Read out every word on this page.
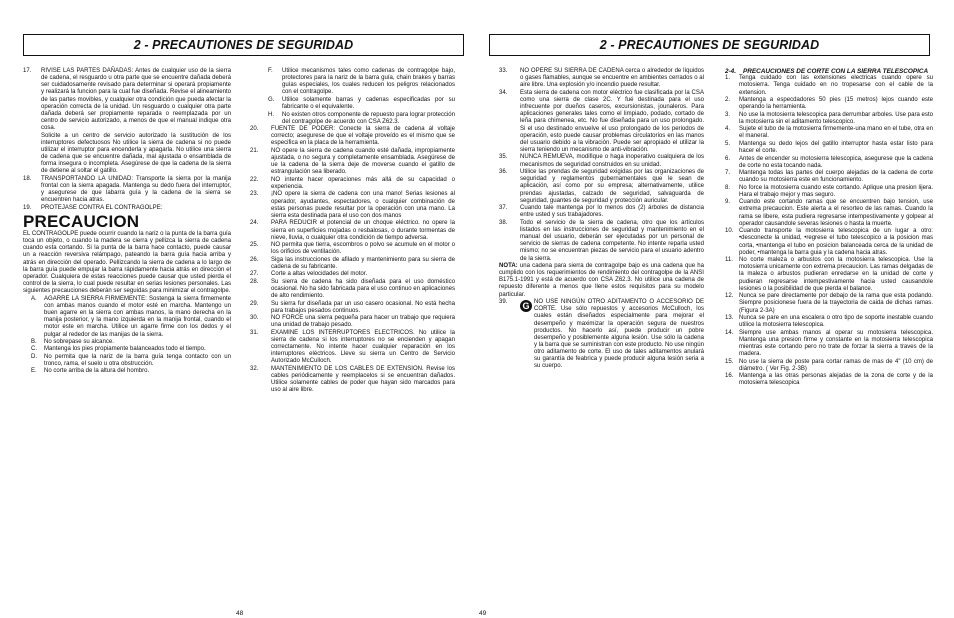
2 - PRECAUTIONES DE SEGURIDAD
17.	RIVISE LAS PARTES DAÑADAS: Antes de cualquier uso de la sierra de cadena, el resguardo u otra parte que se encuentre dañada deberá ser cuidadosamente revisado para determinar si operará propiamente y realizará la funcion para la cual fue diseñada. Revise el alineamiento de las partes movibles, y cualquier otra condición que pueda afectar la operación correcta de la unidad. Un resguardo o cualquier otra parte dañada deberá ser propiamente reparada o reemplazada por un centro de servicio autorizado, a menos de que el manual indique otra cosa.

Solicite a un centro de servicio autorizado la sustitución de los interruptores defectuosos No utilice la sierra de cadena si no puede utilizar el interruptor para encenderla y apagarla. No utilice una sierra de cadena que se encuentre dañada, mal ajustada o ensamblada de forma insegura o incompleta. Asegúrese de que la cadena de la sierra de detiene al soltar el gatillo.

18.	TRANSPORTANDO LA UNIDAD: Transporte la sierra por la manija frontal con la sierra apagada. Mantenga su dedo fuera del interruptor, y asegurese de que labarra guía y la cadena de la sierra se encuentren hacia atras.
19.	PROTEJASE CONTRA EL CONTRAGOLPE:
PRECAUCION

EL CONTRAGOLPE puede ocurrir cuando la nariz o la punta de la barra guía toca un objeto, o cuando la madera se cierra y pellizca la sierra de cadena cuando esta cortando. Si la punta de la barra hace contacto, puede causar un a reacción reversiva relámpago, pateando la barra guía hacia arriba y atrás en dirección del operado. Pellizcando la sierra de cadena a lo largo de la barra guía puede empujar la barra rápidamente hacia atrás en dirección el operador. Cualquiera de estas reacciones puede causar que usted pierda el control de la sierra, lo cual puede resultar en serias lesiones personales. Las siguientes precauciones deberán ser seguidas para minimizar el contragolpe.

A.	AGARRE LA SIERRA FIRMEMENTE: Sostenga la sierra firmemente con ambas manos cuando el motor esté en marcha. Mantengo un buen agarre en la sierra con ambas manos, la mano derecha en la manija posterior, y la mano izquierda en la manija frontal, cuando el motor este en marcha. Utilice un agarre firme con los dedos y el pulgar al rededor de las manijas de la sierra.
B.	No sobrepase su alcance.
C.	Mantenga los pies propiamente balanceados todo el tiempo.
D.	No permita que la nariz de la barra guía tenga contacto con un tronco, rama, el suelo u otra obstrucción.
E.	No corte arriba de la altura del hombro.
F.	Utilice mecanismos tales como cadenas de contragolpe bajo, protectores para la nariz de la barra guía, chain brakes y barras guías especiales, los cuales reducen los peligros relacionados con el contragolpe.
G.	Utilice solamente barras y cadenas especificadas por su fabricante o el equivalente.
H.	No existen otros componente de repuesto para lograr protección del contragolpe de acuerdo con CSA Z62.3.
20.	FUENTE DE PODER: Conecte la sierra de cadena al voltaje correcto; asegurese de que el voltaje proveído es el mismo que se especifica en la placa de la herramienta.
21.	NO opere la sierra de cadena cuando esté dañada, impropiamente ajustada, o no segura y completamente ensamblada. Asegúrese de ue la cadena de la sierra deje de moverse cuando el gatillo de estrangulación sea liberado.
22.	NO intente hacer operaciones más allá de su capacidad o experiencia.
23.	¡NO opere la sierra de cadena con una mano! Serias lesiones al operador, ayudantes, espectadores, o cualquier combinación de estas personas puede resultar por la operación con una mano. La sierra esta destinada para el uso con dos manos
24.	PARA REDUCIR el potencial de un choque eléctrico. no opere la sierra en superficies mojadas o resbalosas, o durante tormentas de nieve, lluvia, o cualquier otra condición de tiempo adversa.
25.	NO permita que tierra, escombros o polvo se acumule en el motor o los orificios de ventilación.
26.	Siga las instrucciones de afilado y mantenimiento para su sierra de cadena de su fabricante.
27.	Corte a altas velocidades del motor.
28.	Su sierra de cadena ha sido diseñada para el uso doméstico ocasional. No ha sido fabricada para el uso continuo en aplicaciones de alto rendimiento.
29.	Su sierra fur diseñada par un uso casero ocasional. No está hecha para trabajos pesados continuos.
30.	NO FORCE una sierra pequeña para hacer un trabajo que requiera una unidad de trabajo pesado.
31.	EXAMINE LOS INTERRUPTORES ELECTRICOS. No utilice la sierra de cadena si los interruptores no se encienden y apagan correctamente. No intente hacer cualquier reparación en los interruptores eléctricos. Lleve su sierra un Centro de Servicio Autorizado McCulloch.
32.	MANTENIMIENTO DE LOS CABLES DE EXTENSION. Revise los cables periódicamente y reemplacelos si se encuentran dañados. Utilice solamente cables de poder que hayan sido marcados para uso al aire libre.
48
2 - PRECAUTIONES DE SEGURIDAD
33.	NO OPERE SU SIERRA DE CADENA cerca o alrededor de líquidos o gases flamables, aunque se encuentre en ambientes cerrados o al aire libre. Una explosión y/o incendio puede resultar.
34.	Esta sierra de cadena con motor eléctrico fue clasificada por la CSA como una sierra de clase 2C. Y fué destinada para el uso infrecuente por dueños caseros, excursionistas, jounaleros. Para aplicaciones generales tales como el limpiado, podado, cortado de leña para chimenea, etc. No fue diseñada para un uso prolongado. Si el uso destinado envuelve el uso prolongado de los periodos de operación, esto puede causar problemas circulatorios en las manos del usuario debido a la vibración. Puede ser apropiado el utilizar la sierra teniendo un mecanismo de anti-vibración.
35.	NUNCA REMUEVA, modifique o haga inoperativo cualquiera de los mecanismos de seguridad construidos en su unidad.
36.	Utilice las prendas de seguridad exigidas por las organizaciones de seguridad y reglamentos gubernamentales que le sean de aplicación, así como por su empresa; alternativamente, utilice prendas ajustadas, calzado de seguridad, salvaguarda de seguridad, guantes de seguridad y protección auricular.
37.	Cuando tale mantenga por lo menos dos (2) árboles de distancia entre usted y sus trabajadores.
38.	Todo el servicio de la sierra de cadena, otro que los artículos listados en las instrucciones de seguridad y mantenimiento en el manual del usuario, deberán ser ejecutadas por un personal de servicio de sierras de cadena competente. No intente reparla usted mismo; no se encuentran piezas de servicio para el usuario adentro de la sierra.

NOTA: una cadena para sierra de contragolpe bajo es una cadena que ha cumplido con los requerimientos de rendimiento del contragolpe de la ANSI B175.1-1991 y está de acuerdo con CSA Z62.3. No utilice una cadena de repuesto diferente a menos que llene estos requisitos para su modelo particular.

39.	G NO USE NINGÚN OTRO ADITAMENTO O ACCESORIO DE CORTE. Use sólo repuestos y accesorios McCulloch, los cuales están diseñados especialmente para mejorar el desempeño y maximizar la operación segura de nuestros productos. No hacerlo así, puede producir un pobre desempeño y posiblemente alguna lesión. Use sólo la cadena y la barra que se suministran con este producto. No use ningún otro aditamento de corte. El uso de tales aditamentos anulará su garantía de feabrica y puede producir alguna lesión seria a su cuerpo.
2-4.	PRECAUCIONES DE CORTE CON LA SIERRA TELESCOPICA
1.	Tenga cuidado con las extensiones electricas cuando opere su motosierra. Tenga cuidado en no tropesarse con el cable de la extension.
2.	Mantenga a especdadores 50 pies (15 metros) lejos cuando este operando la herramienta.
3.	No use la motosierra telescopica para derrumbar arboles. Use para esto la motosierra sin el aditamento telescopico.
4.	Sujete el tubo de la motosierra firmemente-una mano en el tube, otra en el maneral.
5.	Mantenga su dedo lejos del gatillo interruptor hasta estar listo para hacer el corte.
6.	Antes de encender su motosierra telescopica, asegurese que la cadena de corte no esta tocando nada.
7.	Mantenga todas las partes del cuerpo alejadas de la cadena de corte cuando su motosierra este en funcionamiento.
8.	No force la motosierra cuando este cortando. Aplique una presion lijera. Hara el trabajo mejor y mas seguro.
9.	Cuando este cortando ramas que se encuentren bajo tension, use extrema precaucion. Este alerta a el resorteo de las ramas. Cuando la rama se libere, esta pudiera regresarse intempestivamente y golpear al operador causandole severas lesiones o hasta la muerte.
10. Cuando transporte la motosierra telescopica de un lugar a otro: •desconecte la unidad, •regrese el tubo telescopico a la posicion mas corta, •mantenga el tubo en posicion balanceada cerca de la unidad de poder, •mantenga la barra guia y la cadena hacia atras.
11. No corte maleza o arbustos con la motosierra telescopica. Use la motosierra unicamente con extrema precaucion. Las ramas delgadas de la maleza o arbustos pudieran enredarse en la unidad de corte y pudieran regresarse intempestivamente hacia usted causandole lesiones o la posibilidad de que pierda el balance.
12. Nunca se pare directamente por debajo de la rama que esta podando. Siempre posicionese fuera de la trayectoria de caida de dichas ramas. (Figura 2-3A)
13. Nunca se pare en una escalera o otro tipo de soporte inestable cuando utilice la motosierra telescopica.
14. Siempre use ambas manos al operar su motosierra telescopica. Mantenga una presion firme y constante en la motosierra telescopica mientras este cortando pero no trate de forzar la sierra a traves de la madera.
15. No use la sierra de poste para cortar ramas de mas de 4" (10 cm) de diámetro. ( Ver Fig. 2-3B)
16. Mantenga a las otras personas alejadas de la zona de corte y de la motosierra telescopica
49
